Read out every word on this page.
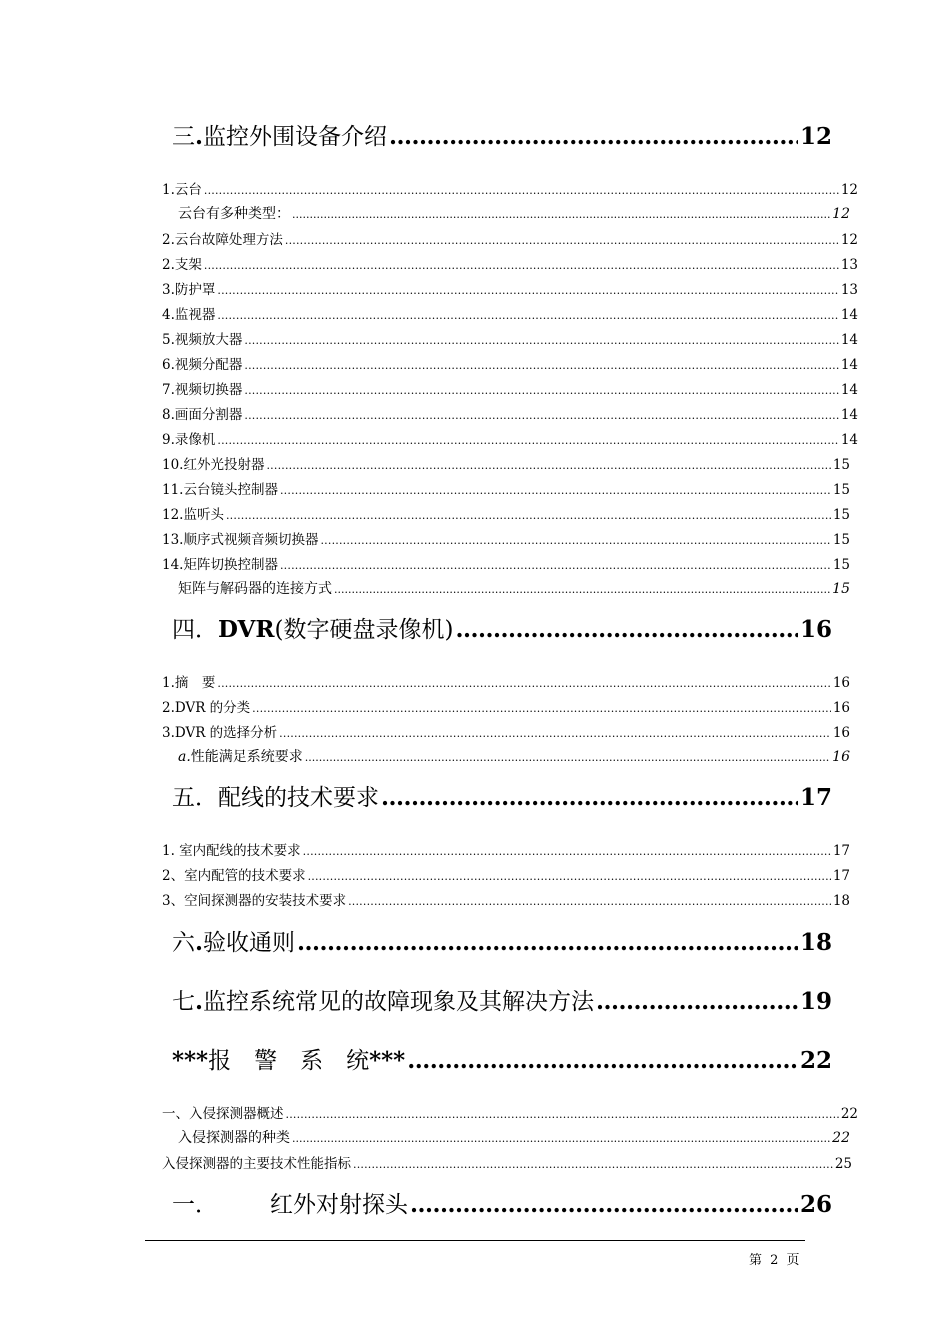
三.监控外围设备介绍 .....	12
1.云台 .....	12
云台有多种类型： .....	12
2.云台故障处理方法 .....	12
2.支架 .....	13
3.防护罩 .....	13
4.监视器 .....	14
5.视频放大器 .....	14
6.视频分配器 .....	14
7.视频切换器 .....	14
8.画面分割器 .....	14
9.录像机 .....	14
10.红外光投射器 .....	15
11.云台镜头控制器 .....	15
12.监听头 .....	15
13.顺序式视频音频切换器 .....	15
14.矩阵切换控制器 .....	15
矩阵与解码器的连接方式 .....	15
四．DVR(数字硬盘录像机) .....	16
1.摘　要 .....	16
2.DVR 的分类 .....	16
3.DVR 的选择分析 .....	16
a.性能满足系统要求 .....	16
五．配线的技术要求 .....	17
1. 室内配线的技术要求 .....	17
2、室内配管的技术要求 .....	17
3、空间探测器的安装技术要求 .....	18
六.验收通则 .....	18
七.监控系统常见的故障现象及其解决方法 .....	19
***报　警　系　统*** .....	22
一、入侵探测器概述 .....	22
入侵探测器的种类 .....	22
入侵探测器的主要技术性能指标 .....	25
一． 红外对射探头 .....	26
第 2 页
